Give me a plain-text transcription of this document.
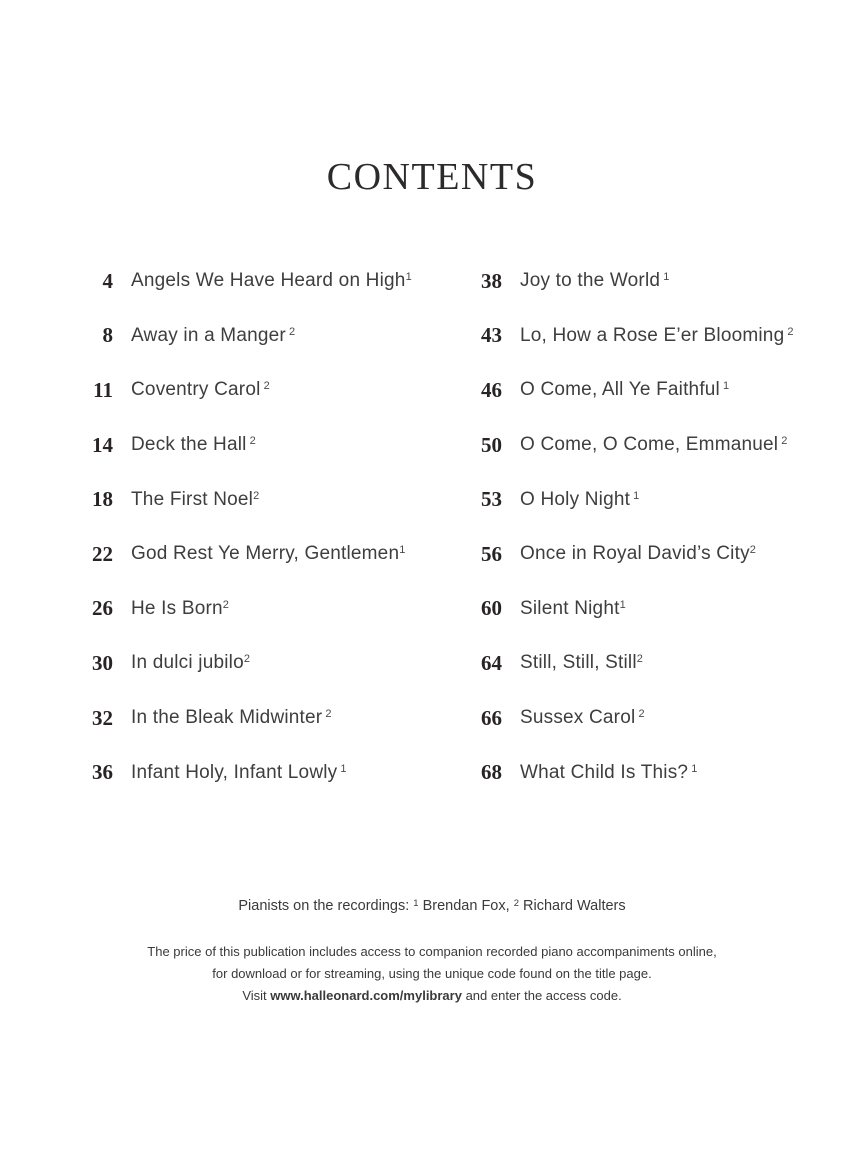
CONTENTS
4 Angels We Have Heard on High$^1$
8 Away in a Manger $^2$
11 Coventry Carol $^2$
14 Deck the Hall $^2$
18 The First Noel$^2$
22 God Rest Ye Merry, Gentlemen$^1$
26 He Is Born$^2$
30 In dulci jubilo$^2$
32 In the Bleak Midwinter $^2$
36 Infant Holy, Infant Lowly $^1$
38 Joy to the World $^1$
43 Lo, How a Rose E’er Blooming $^2$
46 O Come, All Ye Faithful $^1$
50 O Come, O Come, Emmanuel $^2$
53 O Holy Night $^1$
56 Once in Royal David’s City$^2$
60 Silent Night$^1$
64 Still, Still, Still$^2$
66 Sussex Carol $^2$
68 What Child Is This? $^1$

Pianists on the recordings: $^1$ Brendan Fox, $^2$ Richard Walters

The price of this publication includes access to companion recorded piano accompaniments online,
for download or for streaming, using the unique code found on the title page.
Visit www.halleonard.com/mylibrary and enter the access code.
